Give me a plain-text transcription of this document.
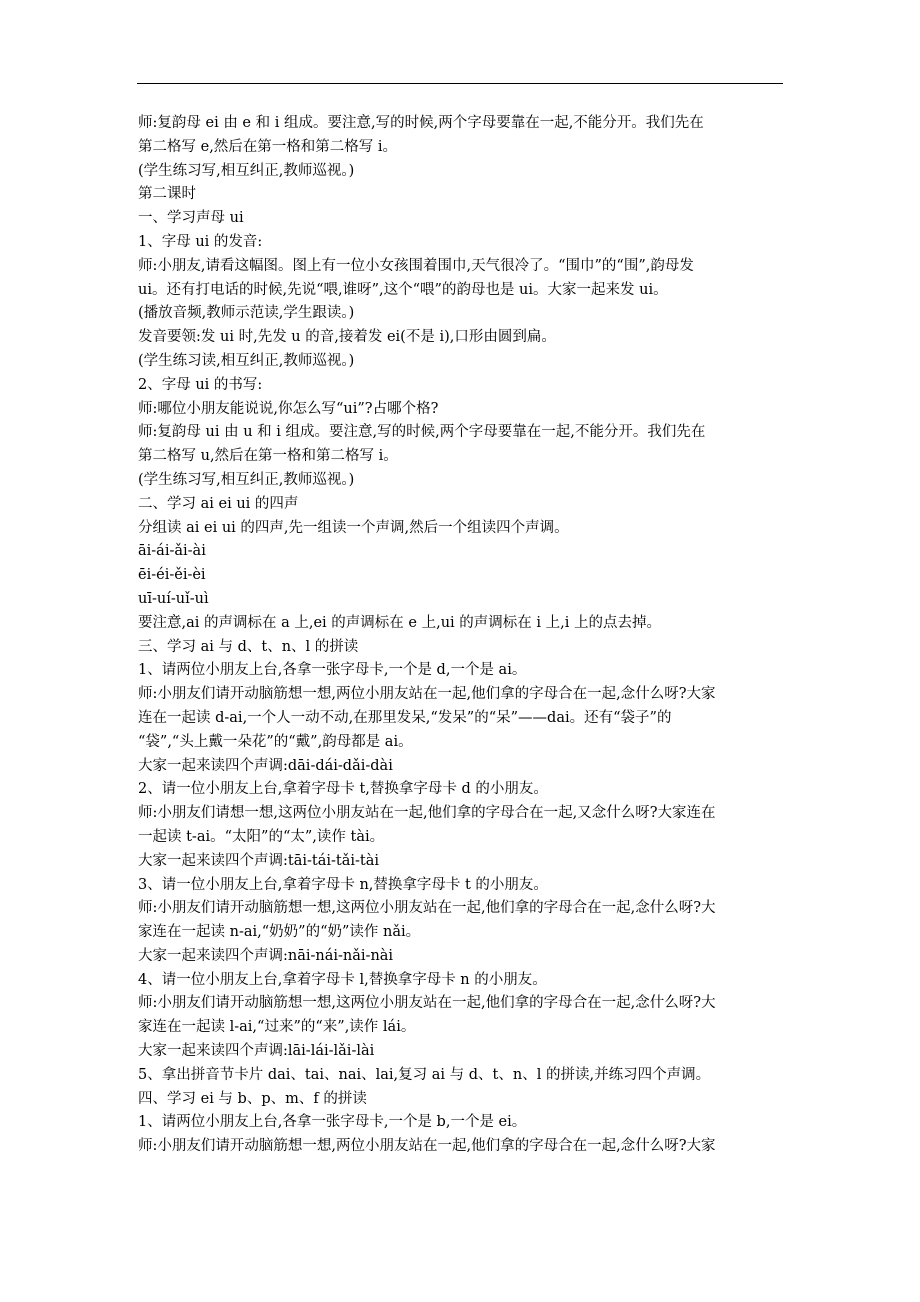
师:复韵母 ei 由 e 和 i 组成。要注意,写的时候,两个字母要靠在一起,不能分开。我们先在

第二格写 e,然后在第一格和第二格写 i。

(学生练习写,相互纠正,教师巡视。)

第二课时

一、学习声母 ui

1、字母 ui 的发音:

师:小朋友,请看这幅图。图上有一位小女孩围着围巾,天气很冷了。“围巾”的“围”,韵母发

ui。还有打电话的时候,先说“喂,谁呀”,这个“喂”的韵母也是 ui。大家一起来发 ui。

(播放音频,教师示范读,学生跟读。)

发音要领:发 ui 时,先发 u 的音,接着发 ei(不是 i),口形由圆到扁。

(学生练习读,相互纠正,教师巡视。)

2、字母 ui 的书写:

师:哪位小朋友能说说,你怎么写“ui”?占哪个格?

师:复韵母 ui 由 u 和 i 组成。要注意,写的时候,两个字母要靠在一起,不能分开。我们先在

第二格写 u,然后在第一格和第二格写 i。

(学生练习写,相互纠正,教师巡视。)

二、学习 ai ei ui 的四声

分组读 ai ei ui 的四声,先一组读一个声调,然后一个组读四个声调。

āi-ái-ǎi-ài

ēi-éi-ěi-èi

uī-uí-uǐ-uì

要注意,ai 的声调标在 a 上,ei 的声调标在 e 上,ui 的声调标在 i 上,i 上的点去掉。

三、学习 ai 与 d、t、n、l 的拼读

1、请两位小朋友上台,各拿一张字母卡,一个是 d,一个是 ai。

师:小朋友们请开动脑筋想一想,两位小朋友站在一起,他们拿的字母合在一起,念什么呀?大家

连在一起读 d-ai,一个人一动不动,在那里发呆,“发呆”的“呆”——dai。还有“袋子”的

“袋”,“头上戴一朵花”的“戴”,韵母都是 ai。

大家一起来读四个声调:dāi-dái-dǎi-dài

2、请一位小朋友上台,拿着字母卡 t,替换拿字母卡 d 的小朋友。

师:小朋友们请想一想,这两位小朋友站在一起,他们拿的字母合在一起,又念什么呀?大家连在

一起读 t-ai。“太阳”的“太”,读作 tài。

大家一起来读四个声调:tāi-tái-tǎi-tài

3、请一位小朋友上台,拿着字母卡 n,替换拿字母卡 t 的小朋友。

师:小朋友们请开动脑筋想一想,这两位小朋友站在一起,他们拿的字母合在一起,念什么呀?大

家连在一起读 n-ai,“奶奶”的“奶”读作 nǎi。

大家一起来读四个声调:nāi-nái-nǎi-nài

4、请一位小朋友上台,拿着字母卡 l,替换拿字母卡 n 的小朋友。

师:小朋友们请开动脑筋想一想,这两位小朋友站在一起,他们拿的字母合在一起,念什么呀?大

家连在一起读 l-ai,“过来”的“来”,读作 lái。

大家一起来读四个声调:lāi-lái-lǎi-lài

5、拿出拼音节卡片 dai、tai、nai、lai,复习 ai 与 d、t、n、l 的拼读,并练习四个声调。

四、学习 ei 与 b、p、m、f 的拼读

1、请两位小朋友上台,各拿一张字母卡,一个是 b,一个是 ei。

师:小朋友们请开动脑筋想一想,两位小朋友站在一起,他们拿的字母合在一起,念什么呀?大家
